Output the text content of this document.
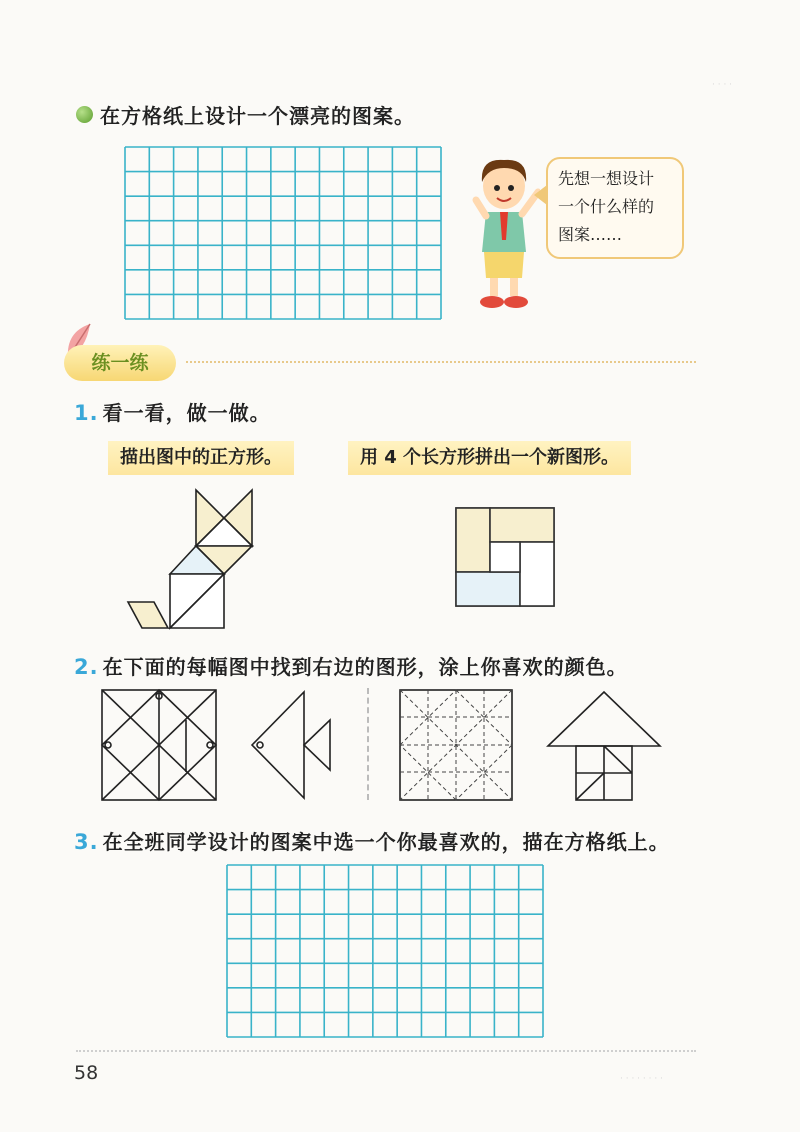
· · · ·
在方格纸上设计一个漂亮的图案。
先想一想设计
一个什么样的
图案……
练一练
1. 看一看，做一做。
描出图中的正方形。	用 4 个长方形拼出一个新图形。
2. 在下面的每幅图中找到右边的图形，涂上你喜欢的颜色。
3. 在全班同学设计的图案中选一个你最喜欢的，描在方格纸上。
58	· · · · · · · ·
